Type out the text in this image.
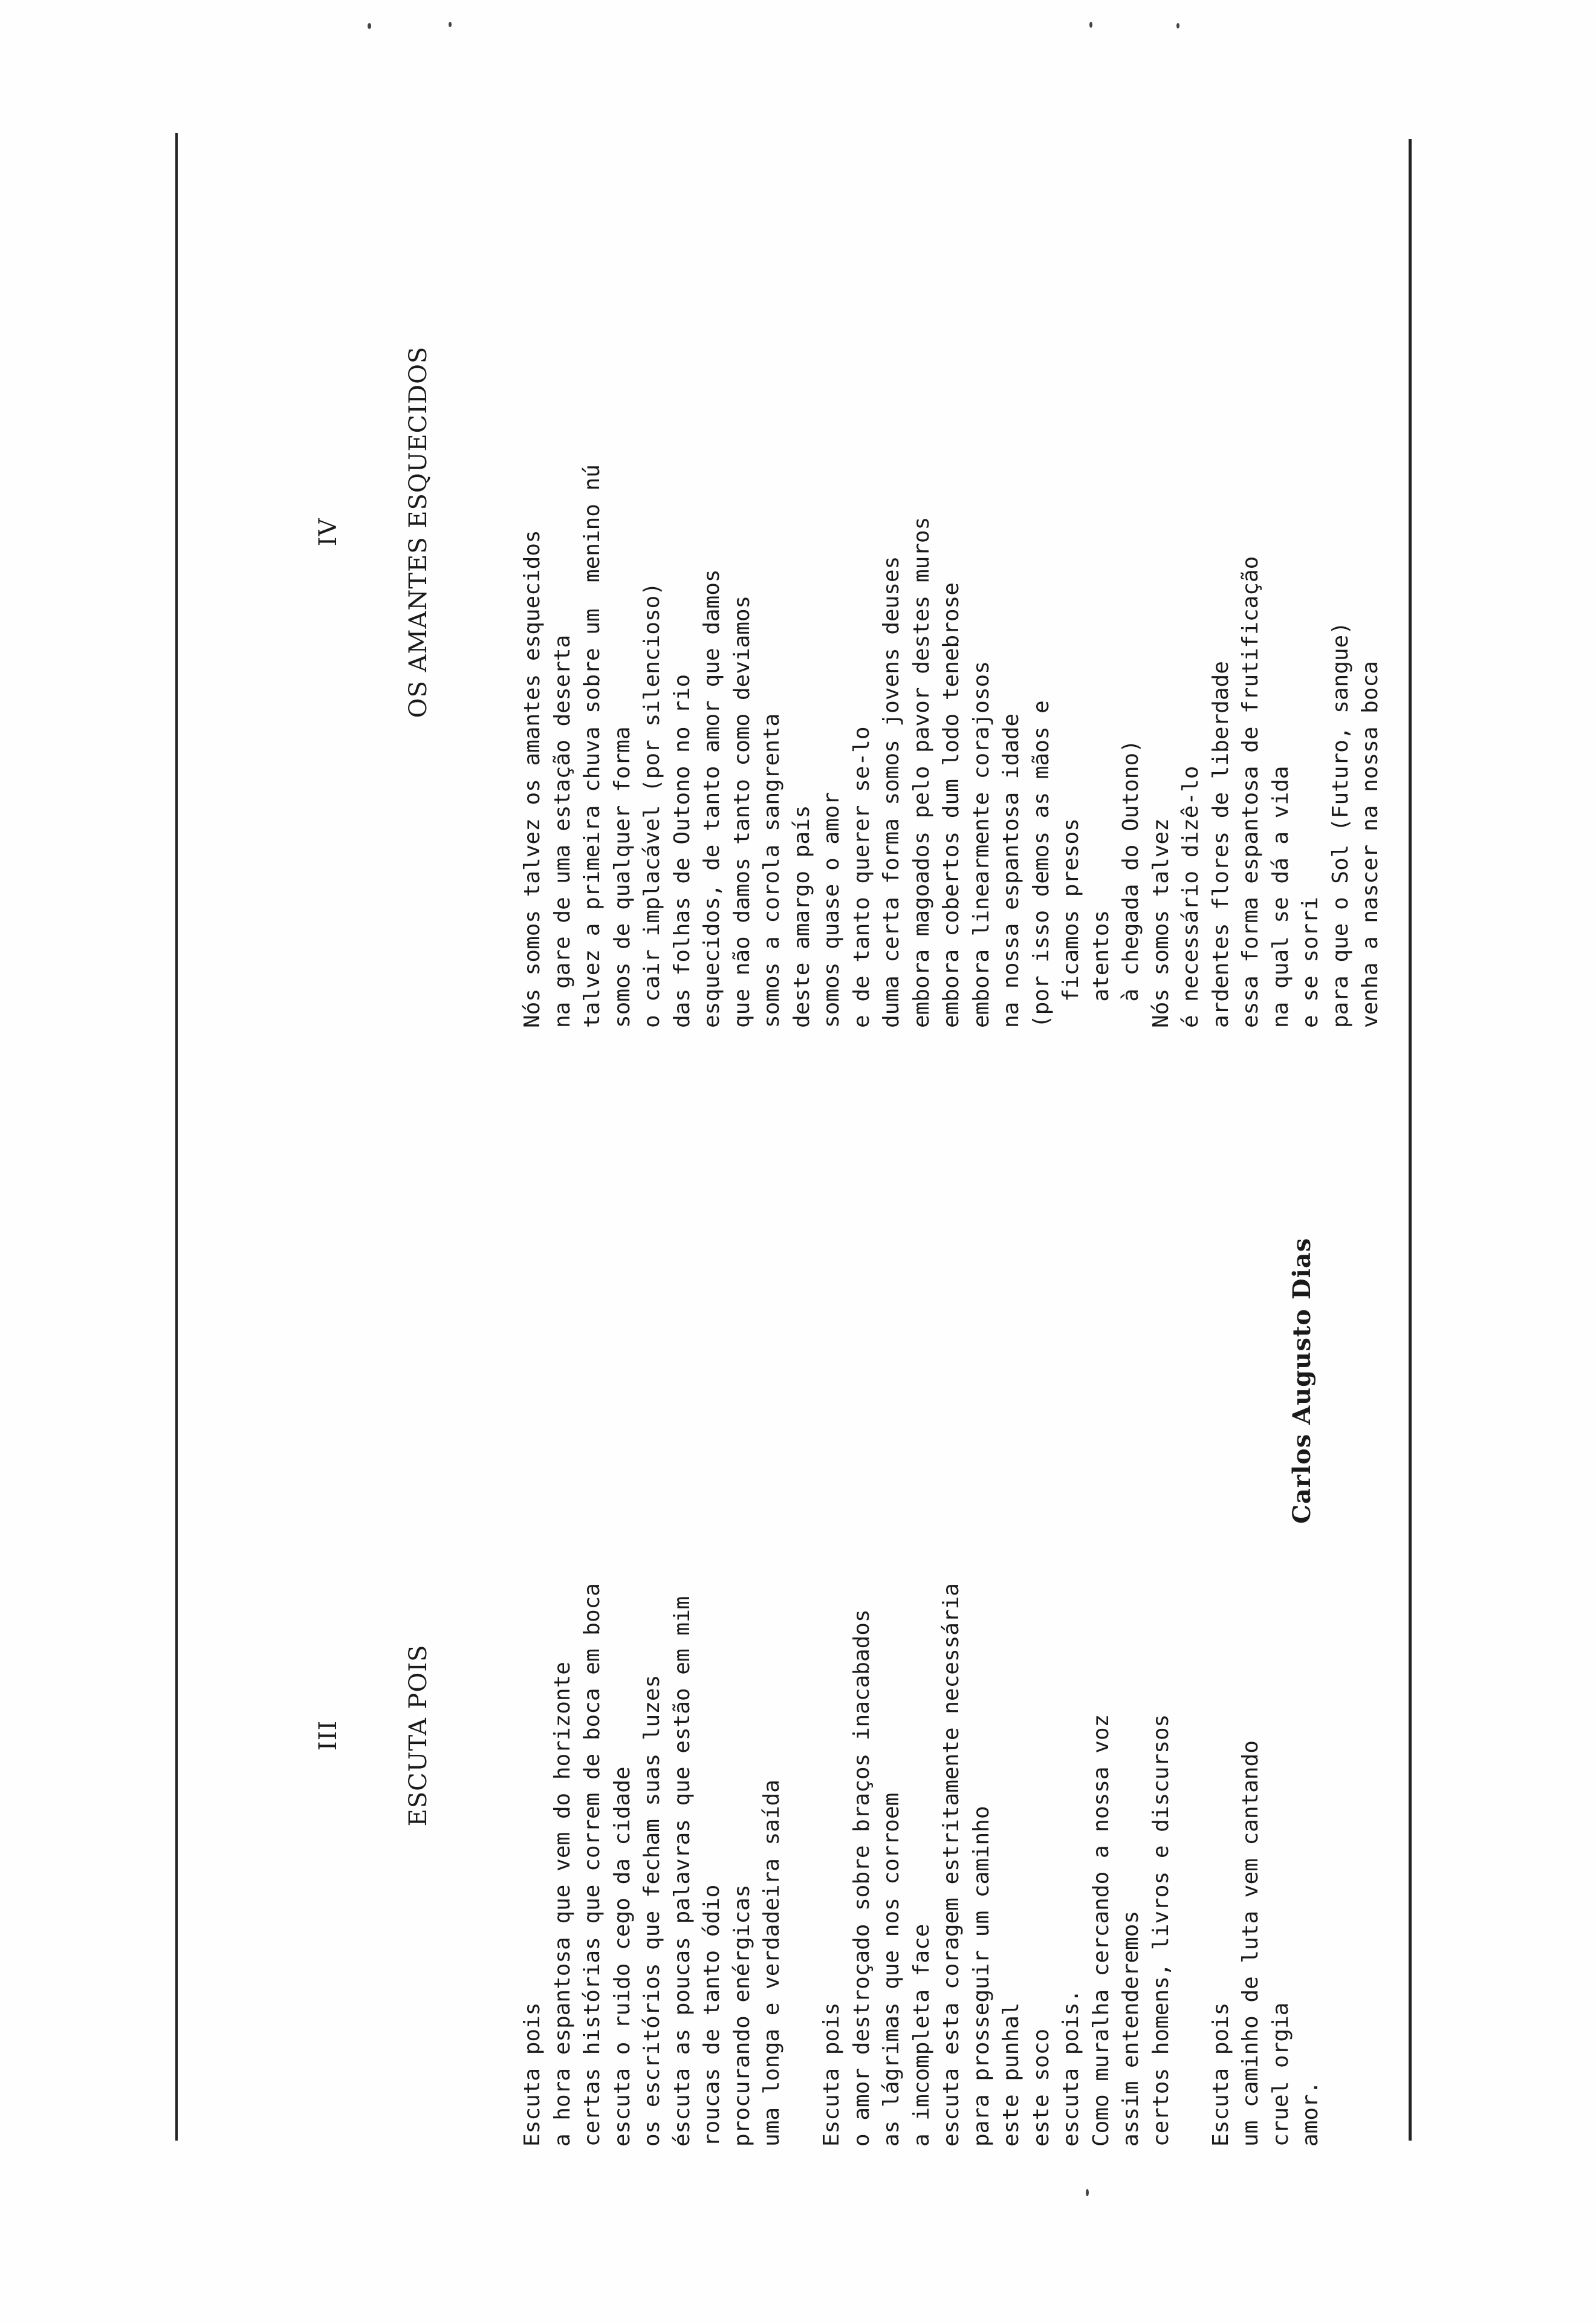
III

	ESCUTA POIS

Escuta pois a hora espantosa que vem do horizonte certas histórias que correm de boca em boca escuta o ruido cego da cidade os escritórios que fecham suas luzes éscuta as poucas palavras que estão em mim roucas de tanto ódio procurando enérgicas uma longa e verdadeira saída Escuta pois o amor destroçado sobre braços inacabados as lágrimas que nos corroem a imcompleta face escuta esta coragem estritamente necessária para prosseguir um caminho este punhal este soco escuta pois. Como muralha cercando a nossa voz assim entenderemos certos homens, livros e discursos Escuta pois um caminho de luta vem cantando cruel orgia amor.

IV

	OS AMANTES ESQUECIDOS

	Nós somos talvez os amantes esquecidos na gare de uma estação deserta talvez a primeira chuva sobre um  menino nú somos de qualquer forma o cair implacável (por silencioso) das folhas de Outono no rio esquecidos, de tanto amor que damos que não damos tanto como deviamos somos a corola sangrenta deste amargo país somos quase o amor e de tanto querer se-lo duma certa forma somos jovens deuses embora magoados pelo pavor destes muros embora cobertos dum lodo tenebrose embora linearmente corajosos na nossa espantosa idade (por isso demos as mãos e ficamos presos atentos à chegada do Outono) Nós somos talvez é necessário dizê-lo ardentes flores de liberdade essa forma espantosa de frutificação na qual se dá a vida e se sorri para que o Sol (Futuro, sangue) venha a nascer na nossa boca

Carlos Augusto Dias
